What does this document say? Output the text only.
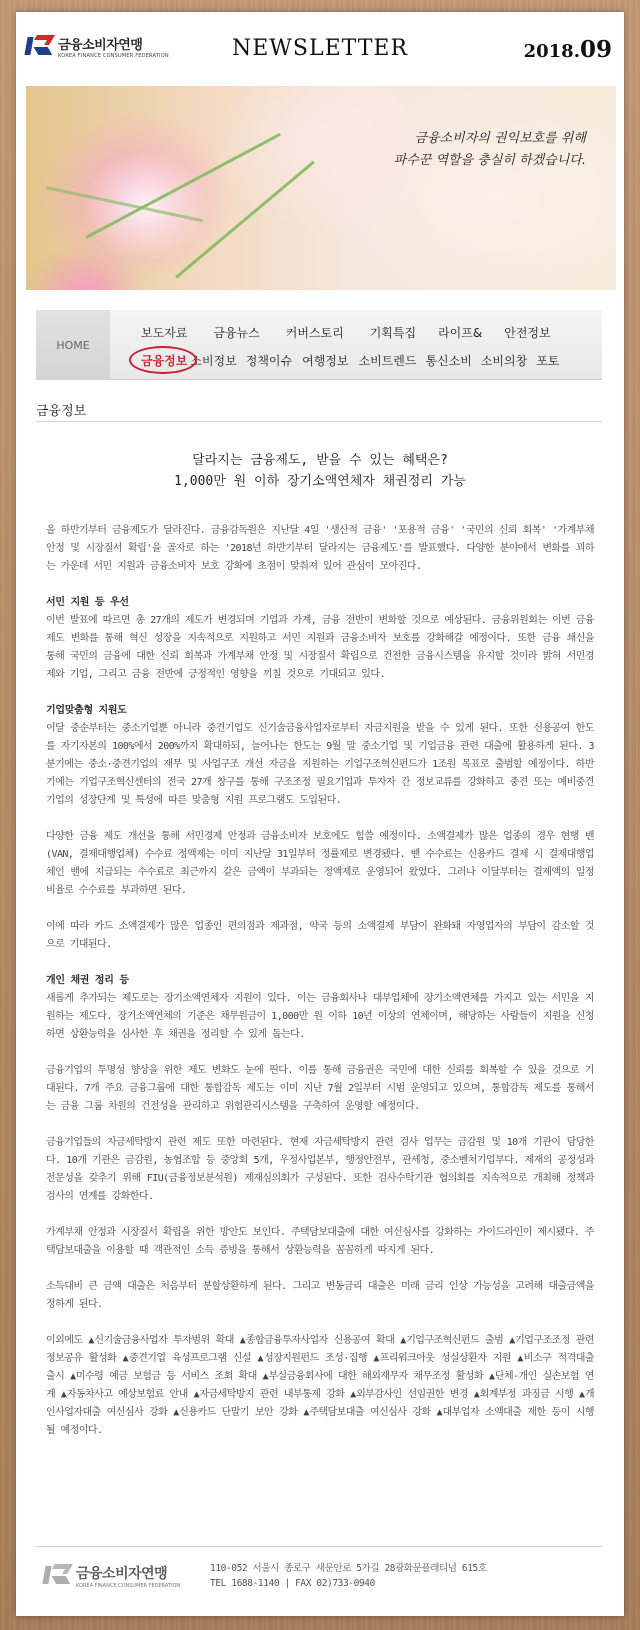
금융소비자연맹
KOREA FINANCE CONSUMER FEDERATION	NEWSLETTER	2018.09
금융소비자의 권익보호를 위해
파수꾼 역할을 충실히 하겠습니다.
HOME
보도자료 금융뉴스 커버스토리 기획특집 라이프& 안전정보
금융정보 소비정보 정책이슈 여행정보 소비트렌드 통신소비 소비의창 포토
금융정보
달라지는 금융제도, 받을 수 있는 혜택은?
1,000만 원 이하 장기소액연체자 채권정리 가능
올 하반기부터 금융제도가 달라진다. 금융감독원은 지난달 4일 '생산적 금융' '포용적 금융' '국민의 신뢰 회복' '가계부채 안정 및 시장질서 확립'을 골자로 하는 '2018년 하반기부터 달라지는 금융제도'를 발표했다. 다양한 분야에서 변화를 꾀하는 가운데 서민 지원과 금융소비자 보호 강화에 초점이 맞춰져 있어 관심이 모아진다.
서민 지원 등 우선
이번 발표에 따르면 총 27개의 제도가 변경되며 기업과 가계, 금융 전반이 변화할 것으로 예상된다. 금융위원회는 이번 금융 제도 변화를 통해 혁신 성장을 지속적으로 지원하고 서민 지원과 금융소비자 보호를 강화해갈 예정이다. 또한 금융 쇄신을 통해 국민의 금융에 대한 신뢰 회복과 가계부채 안정 및 시장질서 확립으로 건전한 금융시스템을 유지할 것이라 밝혀 서민경제와 기업, 그리고 금융 전반에 긍정적인 영향을 끼칠 것으로 기대되고 있다.
기업맞춤형 지원도
이달 중순부터는 중소기업뿐 아니라 중견기업도 신기술금융사업자로부터 자금지원을 받을 수 있게 된다. 또한 신용공여 한도를 자기자본의 100%에서 200%까지 확대하되, 늘어나는 한도는 9월 말 중소기업 및 기업금융 관련 대출에 활용하게 된다. 3분기에는 중소·중견기업의 재무 및 사업구조 개선 자금을 지원하는 기업구조혁신펀드가 1조원 목표로 출범할 예정이다. 하반기에는 기업구조혁신센터의 전국 27개 창구를 통해 구조조정 필요기업과 투자자 간 정보교류를 강화하고 중견 또는 예비중견기업의 성장단계 및 특성에 따른 맞춤형 지원 프로그램도 도입된다.
다양한 금융 제도 개선을 통해 서민경제 안정과 금융소비자 보호에도 힘쓸 예정이다. 소액결제가 많은 업종의 경우 현행 밴(VAN, 결제대행업체) 수수료 정액제는 이미 지난달 31일부터 정률제로 변경됐다. 밴 수수료는 신용카드 결제 시 결제대행업체인 밴에 지급되는 수수료로 최근까지 같은 금액이 부과되는 정액제로 운영되어 왔었다. 그러나 이달부터는 결제액의 일정 비율로 수수료를 부과하면 된다.
이에 따라 카드 소액결제가 많은 업종인 편의점과 제과점, 약국 등의 소액결제 부담이 완화돼 자영업자의 부담이 감소할 것으로 기대된다.
개인 채권 정리 등
새롭게 추가되는 제도로는 장기소액연체자 지원이 있다. 이는 금융회사나 대부업체에 장기소액연체를 가지고 있는 서민을 지원하는 제도다. 장기소액연체의 기준은 채무원금이 1,000만 원 이하 10년 이상의 연체이며, 해당하는 사람들이 지원을 신청하면 상환능력을 심사한 후 채권을 정리할 수 있게 돕는다.
금융기업의 투명성 향상을 위한 제도 변화도 눈에 띈다. 이를 통해 금융권은 국민에 대한 신뢰를 회복할 수 있을 것으로 기대된다. 7개 주요 금융그룹에 대한 통합감독 제도는 이미 지난 7월 2일부터 시범 운영되고 있으며, 통합감독 제도를 통해서는 금융 그룹 차원의 건전성을 관리하고 위험관리시스템을 구축하여 운영할 예정이다.
금융기업들의 자금세탁방지 관련 제도 또한 마련된다. 현재 자금세탁방지 관련 검사 업무는 금감원 및 10개 기관이 담당한다. 10개 기관은 금감원, 농협조합 등 중앙회 5개, 우정사업본부, 행정안전부, 관세청, 중소벤처기업부다. 제재의 공정성과 전문성을 갖추기 위해 FIU(금융정보분석원) 제재심의회가 구성된다. 또한 검사수탁기관 협의회를 지속적으로 개최해 정책과 검사의 연계를 강화한다.
가계부채 안정과 시장질서 확립을 위한 방안도 보인다. 주택담보대출에 대한 여신심사를 강화하는 가이드라인이 제시됐다. 주택담보대출을 이용할 때 객관적인 소득 증빙을 통해서 상환능력을 꼼꼼하게 따지게 된다.
소득대비 큰 금액 대출은 처음부터 분할상환하게 된다. 그리고 변동금리 대출은 미래 금리 인상 가능성을 고려해 대출금액을 정하게 된다.
이외에도 ▲신기술금융사업자 투자범위 확대 ▲종합금융투자사업자 신용공여 확대 ▲기업구조혁신펀드 출범 ▲기업구조조정 관련 정보공유 활성화 ▲중견기업 육성프로그램 신설 ▲성장지원펀드 조성·집행 ▲프리워크아웃 성실상환자 지원 ▲비소구 적격대출 출시 ▲미수령 예금 보험금 등 서비스 조회 확대 ▲부실금융회사에 대한 해외재무자 채무조정 활성화 ▲단체-개인 실손보험 연계 ▲자동차사고 예상보험료 안내 ▲자금세탁방지 관련 내부통제 강화 ▲외부감사인 선임권한 변경 ▲회계부정 과징금 시행 ▲개인사업자대출 여신심사 강화 ▲신용카드 단말기 보안 강화 ▲주택담보대출 여신심사 강화 ▲대부업자 소액대출 제한 등이 시행될 예정이다.
금융소비자연맹
KOREA FINANCE CONSUMER FEDERATION
110-052 서울시 종로구 새문안로 5가길 28광화문플래티넘 615호
TEL 1688-1140 | FAX 02)733-0940
